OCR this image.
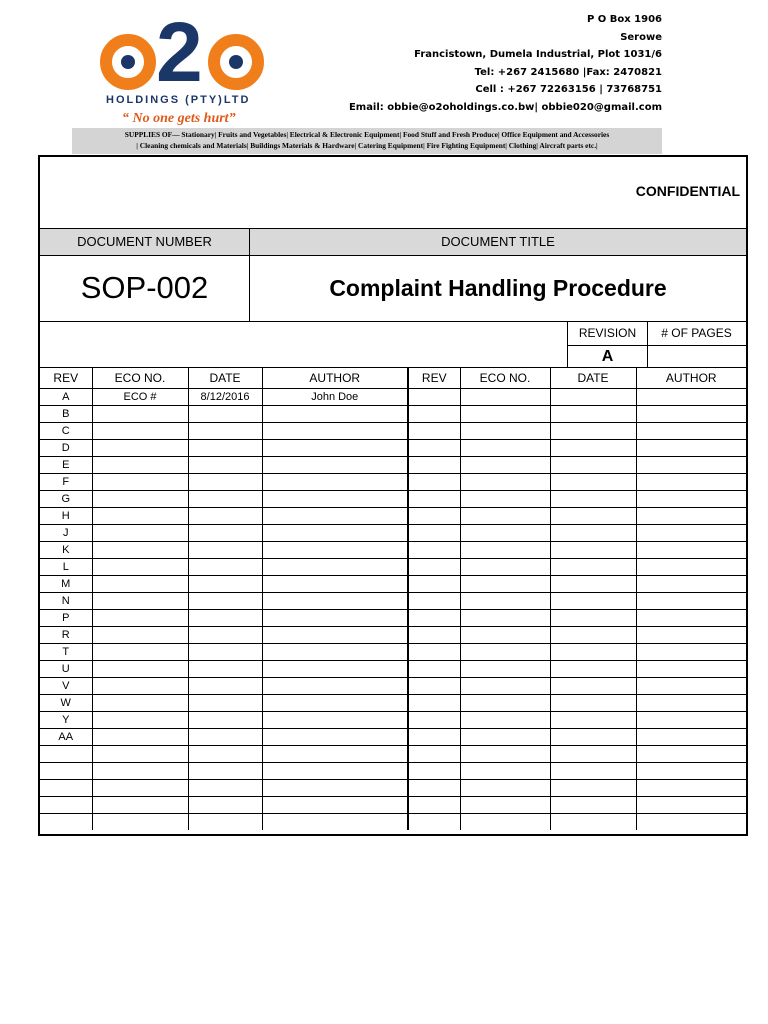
2
HOLDINGS (PTY)LTD
“ No one gets hurt”
P O Box 1906
Serowe
Francistown, Dumela Industrial, Plot 1031/6
Tel: +267 2415680 |Fax: 2470821
Cell : +267 72263156 | 73768751
Email: obbie@o2oholdings.co.bw| obbie020@gmail.com
SUPPLIES OF— Stationary| Fruits and Vegetables| Electrical & Electronic Equipment| Food Stuff and Fresh Produce| Office Equipment and Accessories
| Cleaning chemicals and Materials| Buildings Materials & Hardware| Catering Equipment| Fire Fighting Equipment| Clothing| Aircraft parts etc.|
CONFIDENTIAL
DOCUMENT NUMBER	DOCUMENT TITLE
SOP-002	Complaint Handling Procedure
REVISION	# OF PAGES
A
REV	ECO NO.	DATE	AUTHOR	REV	ECO NO.	DATE	AUTHOR
A	ECO #	8/12/2016	John Doe				
B							
C							
D							
E							
F							
G							
H							
J							
K							
L							
M							
N							
P							
R							
T							
U							
V							
W							
Y							
AA							
